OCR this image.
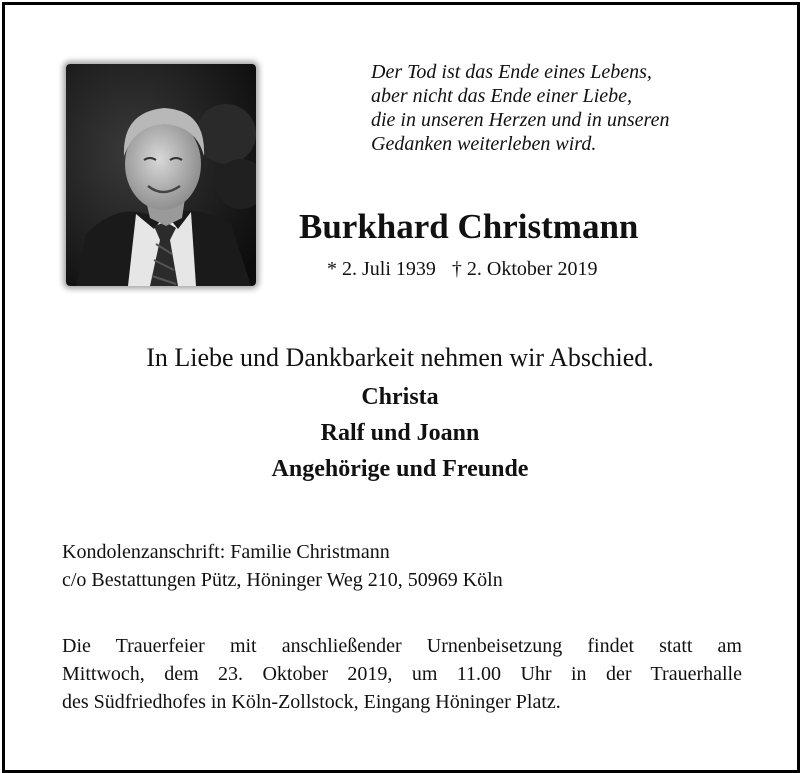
Der Tod ist das Ende eines Lebens,
aber nicht das Ende einer Liebe,
die in unseren Herzen und in unseren
Gedanken weiterleben wird.
Burkhard Christmann
* 2. Juli 1939 † 2. Oktober 2019
In Liebe und Dankbarkeit nehmen wir Abschied.
Christa
Ralf und Joann
Angehörige und Freunde
Kondolenzanschrift: Familie Christmann
c/o Bestattungen Pütz, Höninger Weg 210, 50969 Köln
Die Trauerfeier mit anschließender Urnenbeisetzung findet statt am
Mittwoch, dem 23. Oktober 2019, um 11.00 Uhr in der Trauerhalle
des Südfriedhofes in Köln-Zollstock, Eingang Höninger Platz.
